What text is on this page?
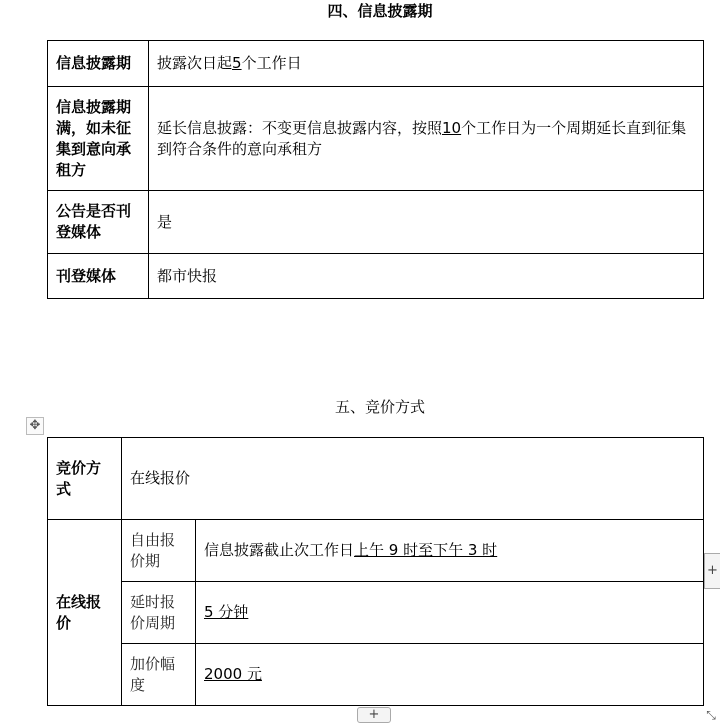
四、信息披露期
信息披露期	披露次日起5个工作日
信息披露期满，如未征集到意向承租方	延长信息披露：不变更信息披露内容，按照10个工作日为一个周期延长直到征集到符合条件的意向承租方
公告是否刊登媒体	是
刊登媒体	都市快报
五、竞价方式
✥
竞价方式	在线报价	
在线报价	自由报价期	信息披露截止次工作日上午 9 时至下午 3 时
	延时报价周期	5 分钟
	加价幅度	2000 元
+
+	⤡
